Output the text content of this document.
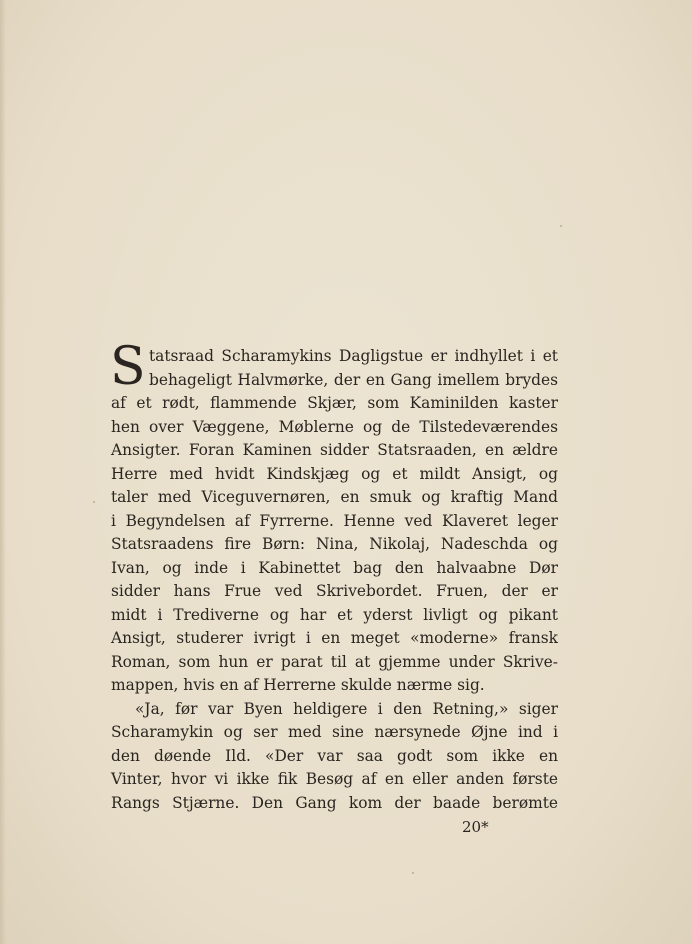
S tatsraad Scharamykins Dagligstue er indhyllet i et
behageligt Halvmørke, der en Gang imellem brydes
af et rødt, flammende Skjær, som Kaminilden kaster
hen over Væggene, Møblerne og de Tilstedeværendes
Ansigter. Foran Kaminen sidder Statsraaden, en ældre
Herre med hvidt Kindskjæg og et mildt Ansigt, og
taler med Viceguvernøren, en smuk og kraftig Mand
i Begyndelsen af Fyrrerne. Henne ved Klaveret leger
Statsraadens fire Børn: Nina, Nikolaj, Nadeschda og
Ivan, og inde i Kabinettet bag den halvaabne Dør
sidder hans Frue ved Skrivebordet. Fruen, der er
midt i Trediverne og har et yderst livligt og pikant
Ansigt, studerer ivrigt i en meget «moderne» fransk
Roman, som hun er parat til at gjemme under Skrive-
mappen, hvis en af Herrerne skulde nærme sig.
«Ja, før var Byen heldigere i den Retning,» siger
Scharamykin og ser med sine nærsynede Øjne ind i
den døende Ild. «Der var saa godt som ikke en
Vinter, hvor vi ikke fik Besøg af en eller anden første
Rangs Stjærne. Den Gang kom der baade berømte
20*
